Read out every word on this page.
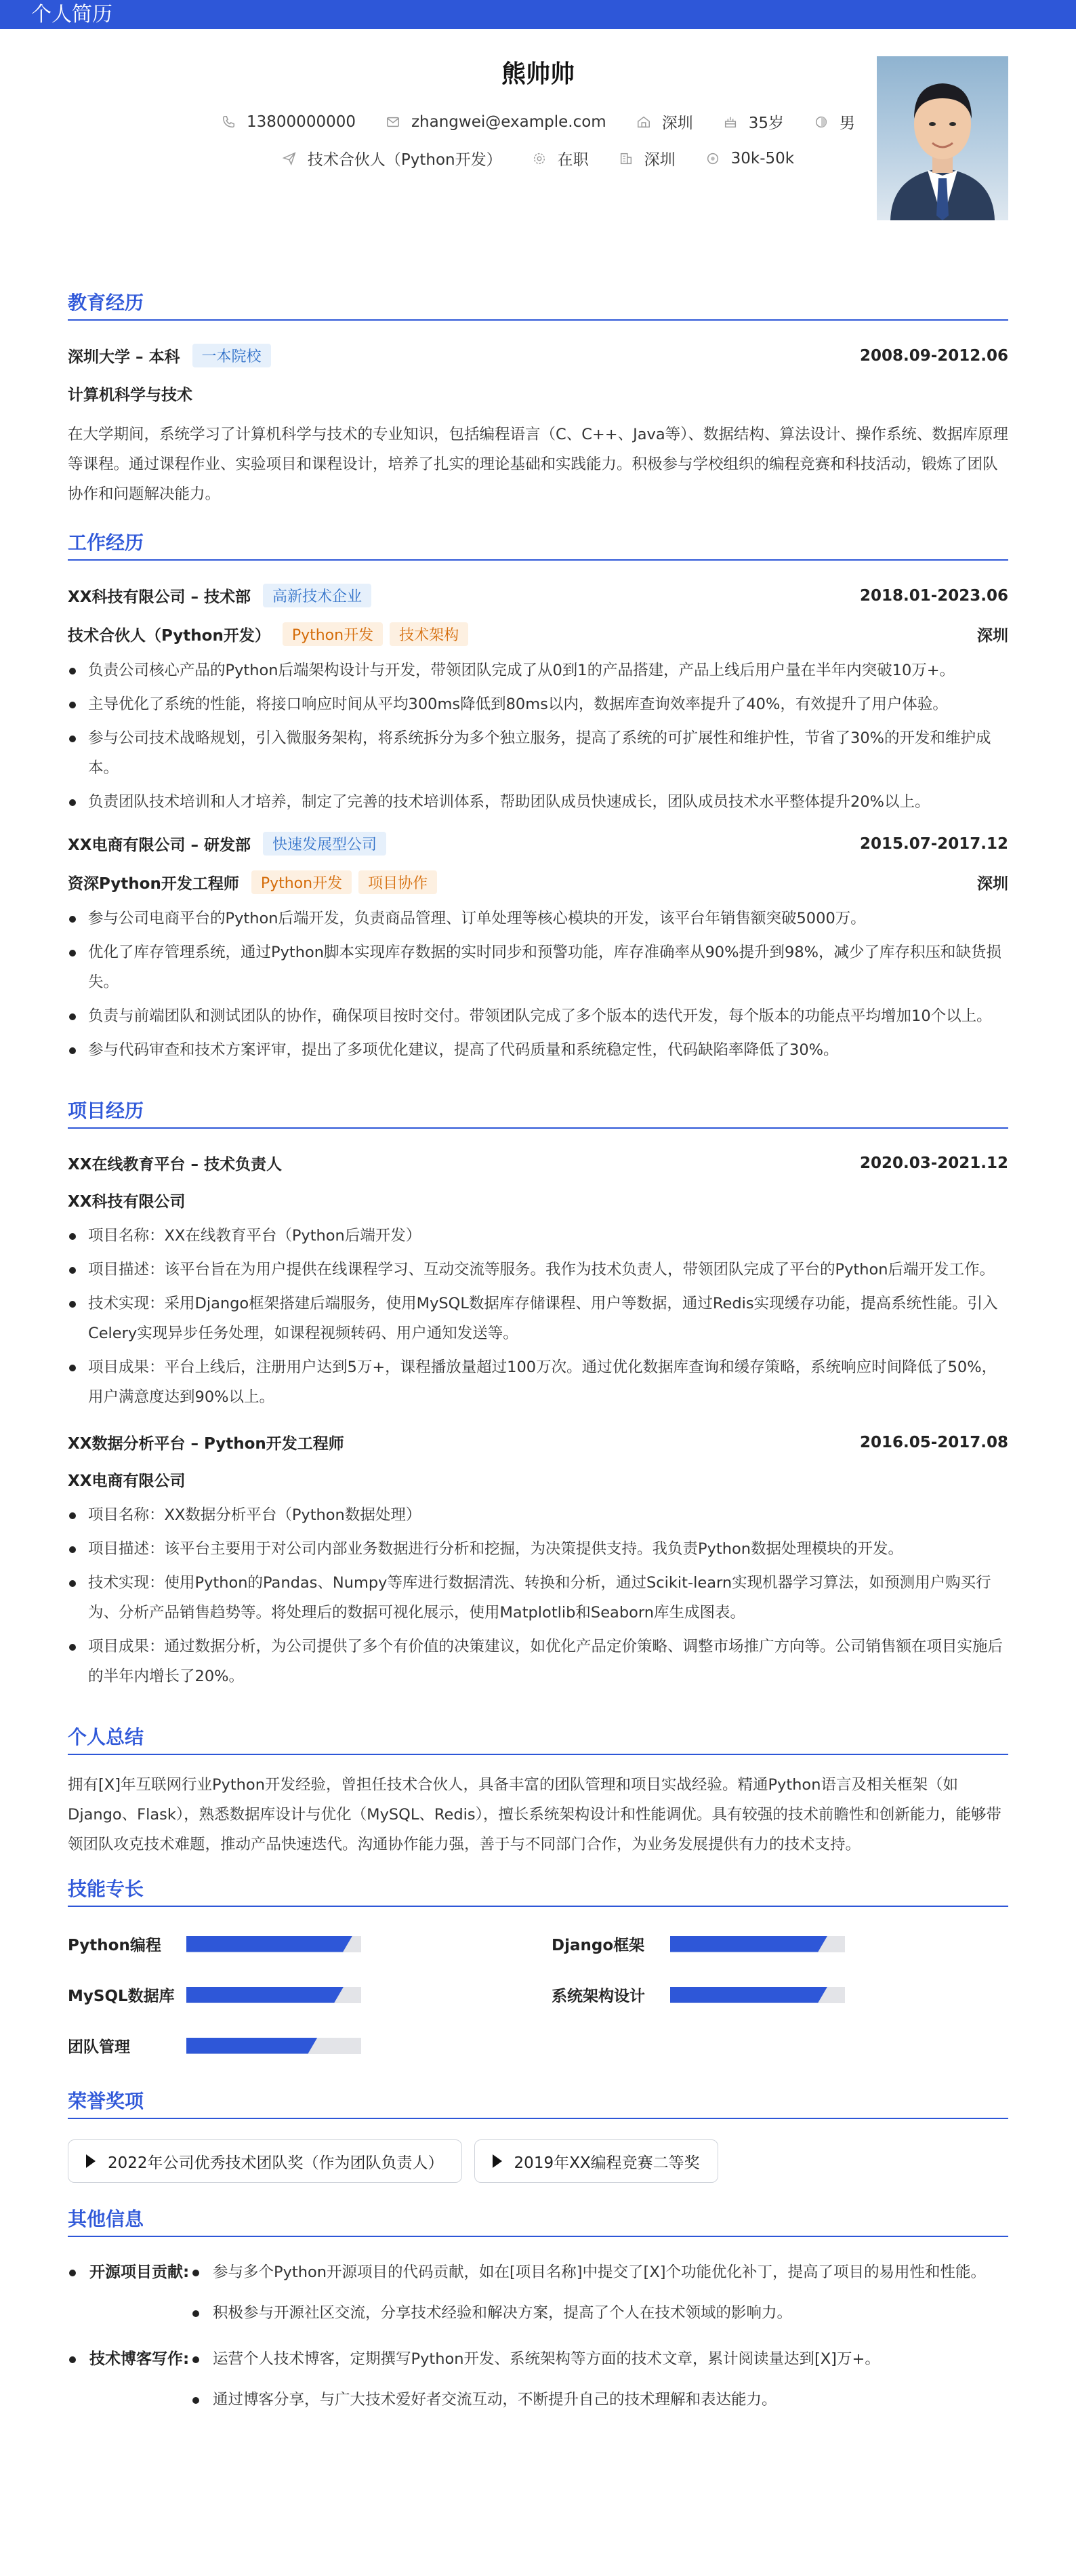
个人简历
熊帅帅
13800000000	zhangwei@example.com	深圳	35岁	男
技术合伙人（Python开发）	在职	深圳	30k-50k
教育经历
深圳大学 – 本科	一本院校	2008.09-2012.06
计算机科学与技术
在大学期间，系统学习了计算机科学与技术的专业知识，包括编程语言（C、C++、Java等）、数据结构、算法设计、操作系统、数据库原理等课程。通过课程作业、实验项目和课程设计，培养了扎实的理论基础和实践能力。积极参与学校组织的编程竞赛和科技活动，锻炼了团队协作和问题解决能力。
工作经历
XX科技有限公司 – 技术部	高新技术企业	2018.01-2023.06
技术合伙人（Python开发）	Python开发	技术架构	深圳
负责公司核心产品的Python后端架构设计与开发，带领团队完成了从0到1的产品搭建，产品上线后用户量在半年内突破10万+。
主导优化了系统的性能，将接口响应时间从平均300ms降低到80ms以内，数据库查询效率提升了40%，有效提升了用户体验。
参与公司技术战略规划，引入微服务架构，将系统拆分为多个独立服务，提高了系统的可扩展性和维护性，节省了30%的开发和维护成本。
负责团队技术培训和人才培养，制定了完善的技术培训体系，帮助团队成员快速成长，团队成员技术水平整体提升20%以上。
XX电商有限公司 – 研发部	快速发展型公司	2015.07-2017.12
资深Python开发工程师	Python开发	项目协作	深圳
参与公司电商平台的Python后端开发，负责商品管理、订单处理等核心模块的开发，该平台年销售额突破5000万。
优化了库存管理系统，通过Python脚本实现库存数据的实时同步和预警功能，库存准确率从90%提升到98%，减少了库存积压和缺货损失。
负责与前端团队和测试团队的协作，确保项目按时交付。带领团队完成了多个版本的迭代开发，每个版本的功能点平均增加10个以上。
参与代码审查和技术方案评审，提出了多项优化建议，提高了代码质量和系统稳定性，代码缺陷率降低了30%。
项目经历
XX在线教育平台 – 技术负责人	2020.03-2021.12
XX科技有限公司
项目名称：XX在线教育平台（Python后端开发）
项目描述：该平台旨在为用户提供在线课程学习、互动交流等服务。我作为技术负责人，带领团队完成了平台的Python后端开发工作。
技术实现：采用Django框架搭建后端服务，使用MySQL数据库存储课程、用户等数据，通过Redis实现缓存功能，提高系统性能。引入Celery实现异步任务处理，如课程视频转码、用户通知发送等。
项目成果：平台上线后，注册用户达到5万+，课程播放量超过100万次。通过优化数据库查询和缓存策略，系统响应时间降低了50%，用户满意度达到90%以上。
XX数据分析平台 – Python开发工程师	2016.05-2017.08
XX电商有限公司
项目名称：XX数据分析平台（Python数据处理）
项目描述：该平台主要用于对公司内部业务数据进行分析和挖掘，为决策提供支持。我负责Python数据处理模块的开发。
技术实现：使用Python的Pandas、Numpy等库进行数据清洗、转换和分析，通过Scikit-learn实现机器学习算法，如预测用户购买行为、分析产品销售趋势等。将处理后的数据可视化展示，使用Matplotlib和Seaborn库生成图表。
项目成果：通过数据分析，为公司提供了多个有价值的决策建议，如优化产品定价策略、调整市场推广方向等。公司销售额在项目实施后的半年内增长了20%。
个人总结
拥有[X]年互联网行业Python开发经验，曾担任技术合伙人，具备丰富的团队管理和项目实战经验。精通Python语言及相关框架（如Django、Flask），熟悉数据库设计与优化（MySQL、Redis），擅长系统架构设计和性能调优。具有较强的技术前瞻性和创新能力，能够带领团队攻克技术难题，推动产品快速迭代。沟通协作能力强，善于与不同部门合作，为业务发展提供有力的技术支持。
技能专长
Python编程	Django框架
MySQL数据库	系统架构设计
团队管理
荣誉奖项
2022年公司优秀技术团队奖（作为团队负责人）	2019年XX编程竞赛二等奖
其他信息
开源项目贡献:	参与多个Python开源项目的代码贡献，如在[项目名称]中提交了[X]个功能优化补丁，提高了项目的易用性和性能。
积极参与开源社区交流，分享技术经验和解决方案，提高了个人在技术领域的影响力。
技术博客写作:	运营个人技术博客，定期撰写Python开发、系统架构等方面的技术文章，累计阅读量达到[X]万+。
通过博客分享，与广大技术爱好者交流互动，不断提升自己的技术理解和表达能力。
